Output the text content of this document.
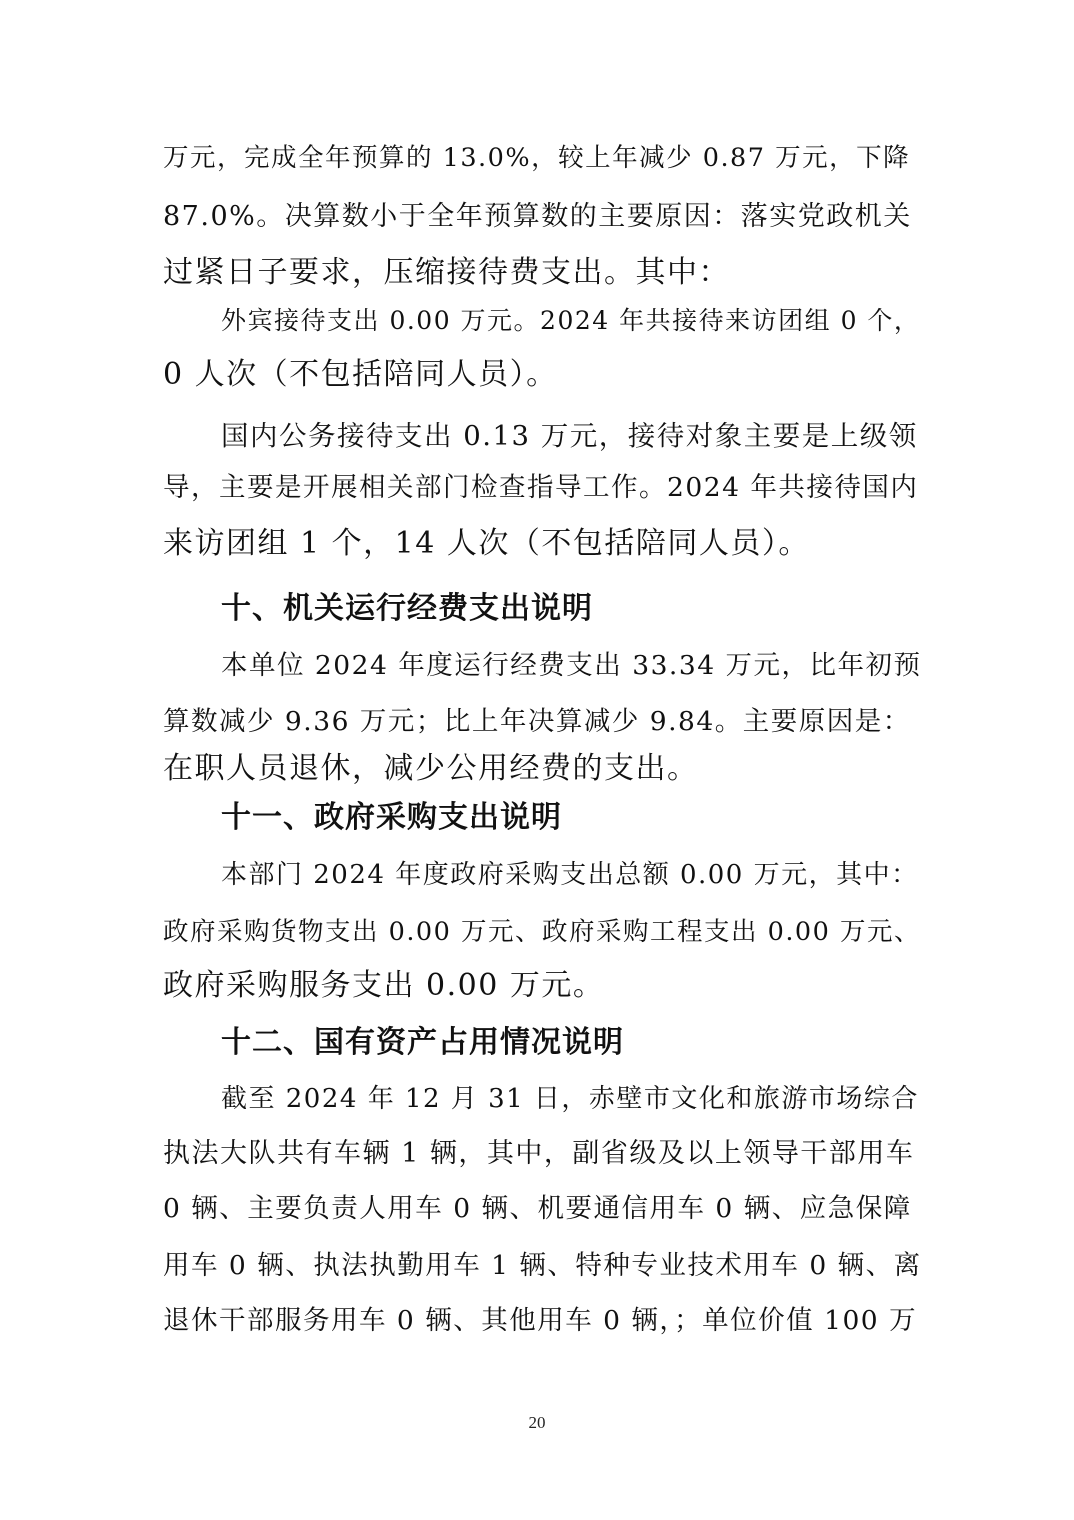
万元，完成全年预算的 13.0%，较上年减少 0.87 万元，下降
87.0%。决算数小于全年预算数的主要原因：落实党政机关
过紧日子要求，压缩接待费支出。其中：
外宾接待支出 0.00 万元。2024 年共接待来访团组 0 个，
0 人次（不包括陪同人员）。
国内公务接待支出 0.13 万元，接待对象主要是上级领
导，主要是开展相关部门检查指导工作。2024 年共接待国内
来访团组 1 个，14 人次（不包括陪同人员）。
十、机关运行经费支出说明
本单位 2024 年度运行经费支出 33.34 万元，比年初预
算数减少 9.36 万元；比上年决算减少 9.84。主要原因是：
在职人员退休，减少公用经费的支出。
十一、政府采购支出说明
本部门 2024 年度政府采购支出总额 0.00 万元，其中：
政府采购货物支出 0.00 万元、政府采购工程支出 0.00 万元、
政府采购服务支出 0.00 万元。
十二、国有资产占用情况说明
截至 2024 年 12 月 31 日，赤壁市文化和旅游市场综合
执法大队共有车辆 1 辆，其中，副省级及以上领导干部用车
0 辆、主要负责人用车 0 辆、机要通信用车 0 辆、应急保障
用车 0 辆、执法执勤用车 1 辆、特种专业技术用车 0 辆、离
退休干部服务用车 0 辆、其他用车 0 辆，；单位价值 100 万
20
